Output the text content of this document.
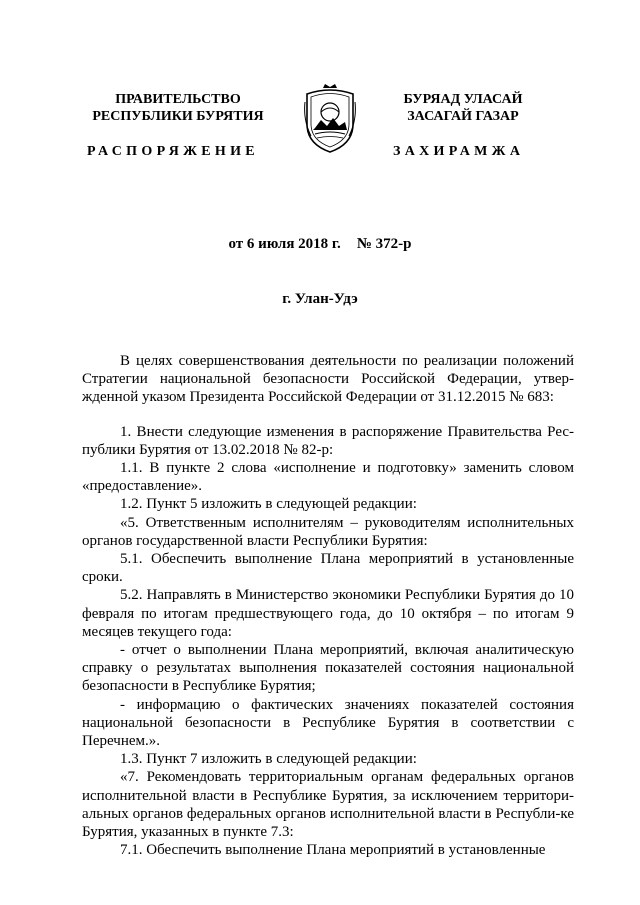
ПРАВИТЕЛЬСТВО
РЕСПУБЛИКИ БУРЯТИЯ
БУРЯАД УЛАСАЙ
ЗАСАГАЙ ГАЗАР
РАСПОРЯЖЕНИЕ	ЗАХИРАМЖА
от 6 июля 2018 г. № 372-р
г. Улан-Удэ

В целях совершенствования деятельности по реализации положений Стратегии национальной безопасности Российской Федерации, утвер-жденной указом Президента Российской Федерации от 31.12.2015 № 683:

1. Внести следующие изменения в распоряжение Правительства Рес-публики Бурятия от 13.02.2018 № 82-р:

1.1. В пункте 2 слова «исполнение и подготовку» заменить словом «предоставление».

1.2. Пункт 5 изложить в следующей редакции:

«5. Ответственным исполнителям – руководителям исполнительных органов государственной власти Республики Бурятия:

5.1. Обеспечить выполнение Плана мероприятий в установленные сроки.

5.2. Направлять в Министерство экономики Республики Бурятия до 10 февраля по итогам предшествующего года, до 10 октября – по итогам 9 месяцев текущего года:

- отчет о выполнении Плана мероприятий, включая аналитическую справку о результатах выполнения показателей состояния национальной безопасности в Республике Бурятия;

- информацию о фактических значениях показателей состояния национальной безопасности в Республике Бурятия в соответствии с Перечнем.».

1.3. Пункт 7 изложить в следующей редакции:

«7. Рекомендовать территориальным органам федеральных органов исполнительной власти в Республике Бурятия, за исключением территори-альных органов федеральных органов исполнительной власти в Республи-ке Бурятия, указанных в пункте 7.3:

7.1. Обеспечить выполнение Плана мероприятий в установленные
